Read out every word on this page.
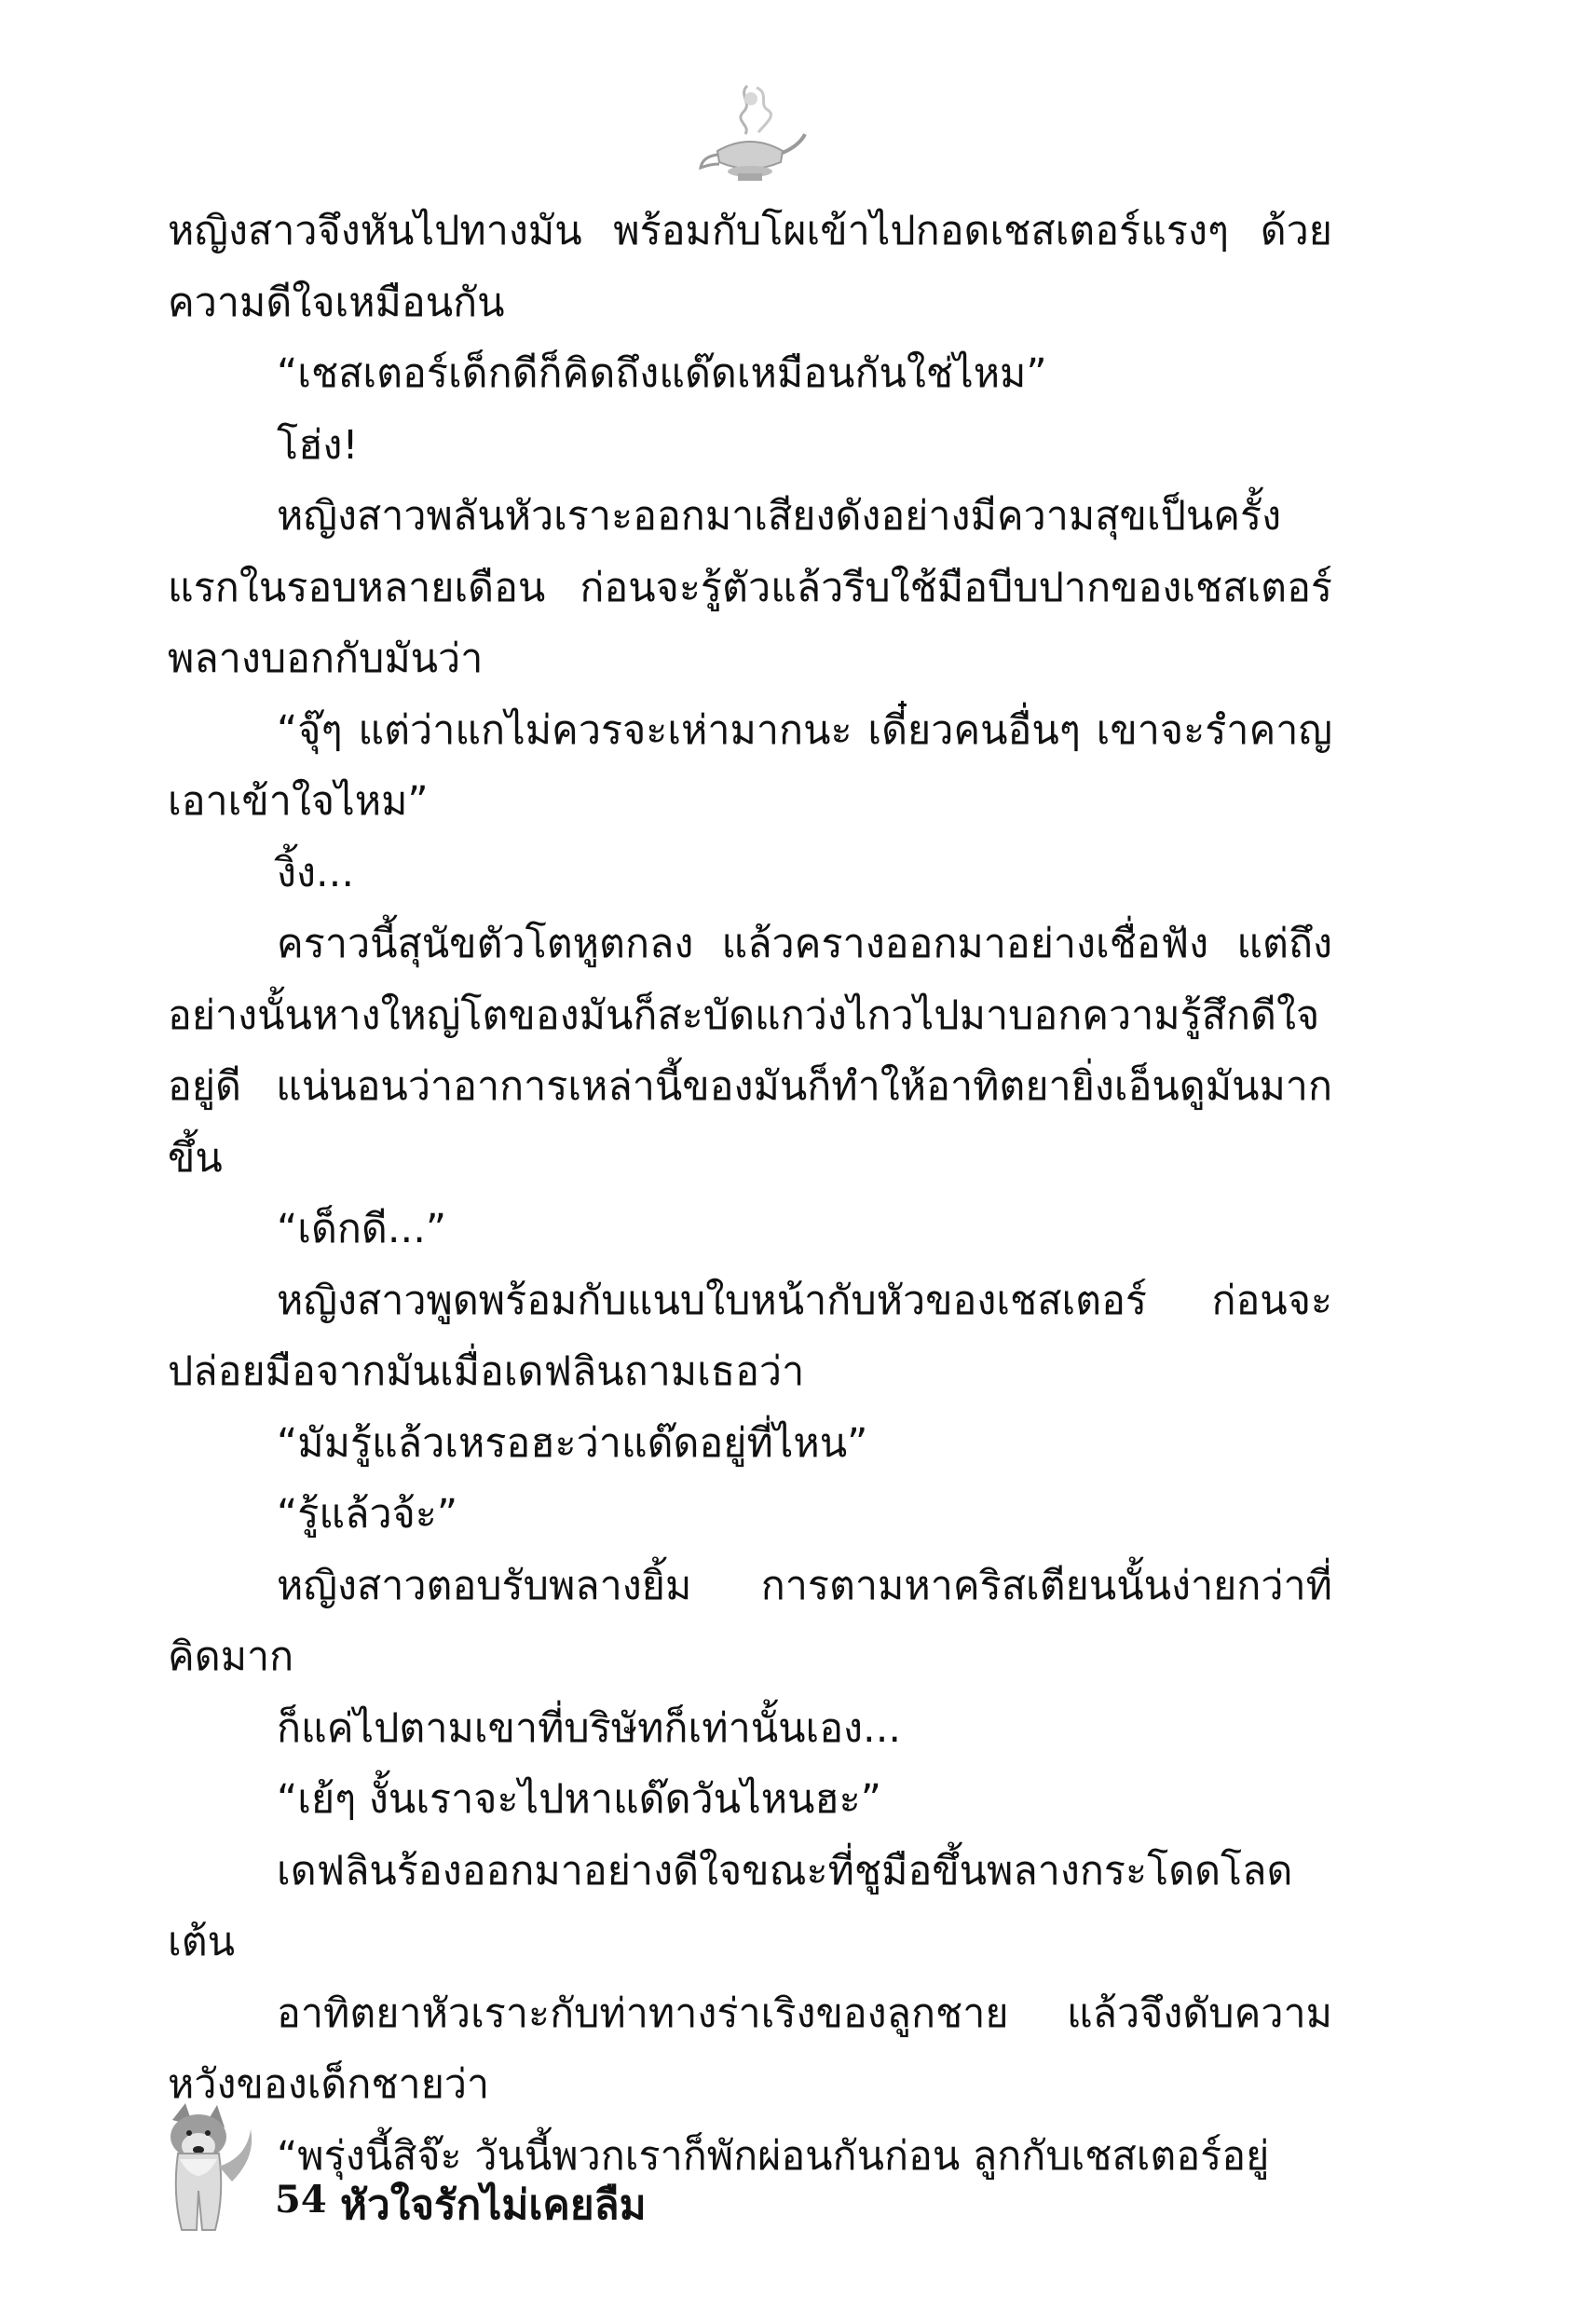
หญิงสาวจึงหันไปทางมัน พร้อมกับโผเข้าไปกอดเชสเตอร์แรงๆ ด้วยความดีใจเหมือนกัน

“เชสเตอร์เด็กดีก็คิดถึงแด๊ดเหมือนกันใช่ไหม”

โฮ่ง!

หญิงสาวพลันหัวเราะออกมาเสียงดังอย่างมีความสุขเป็นครั้งแรกในรอบหลายเดือน ก่อนจะรู้ตัวแล้วรีบใช้มือบีบปากของเชสเตอร์พลางบอกกับมันว่า

“จุ๊ๆ แต่ว่าแกไม่ควรจะเห่ามากนะ เดี๋ยวคนอื่นๆ เขาจะรำคาญเอาเข้าใจไหม”

งิ้ง...

คราวนี้สุนัขตัวโตหูตกลง แล้วครางออกมาอย่างเชื่อฟัง แต่ถึงอย่างนั้นหางใหญ่โตของมันก็สะบัดแกว่งไกวไปมาบอกความรู้สึกดีใจอยู่ดี แน่นอนว่าอาการเหล่านี้ของมันก็ทำให้อาทิตยายิ่งเอ็นดูมันมากขึ้น

“เด็กดี...”

หญิงสาวพูดพร้อมกับแนบใบหน้ากับหัวของเชสเตอร์ ก่อนจะปล่อยมือจากมันเมื่อเดฟลินถามเธอว่า

“มัมรู้แล้วเหรอฮะว่าแด๊ดอยู่ที่ไหน”

“รู้แล้วจ้ะ”

หญิงสาวตอบรับพลางยิ้ม การตามหาคริสเตียนนั้นง่ายกว่าที่คิดมาก

ก็แค่ไปตามเขาที่บริษัทก็เท่านั้นเอง...

“เย้ๆ งั้นเราจะไปหาแด๊ดวันไหนฮะ”

เดฟลินร้องออกมาอย่างดีใจขณะที่ชูมือขึ้นพลางกระโดดโลดเต้น

อาทิตยาหัวเราะกับท่าทางร่าเริงของลูกชาย แล้วจึงดับความหวังของเด็กชายว่า

“พรุ่งนี้สิจ๊ะ วันนี้พวกเราก็พักผ่อนกันก่อน ลูกกับเชสเตอร์อยู่

54 หัวใจรักไม่เคยลืม
